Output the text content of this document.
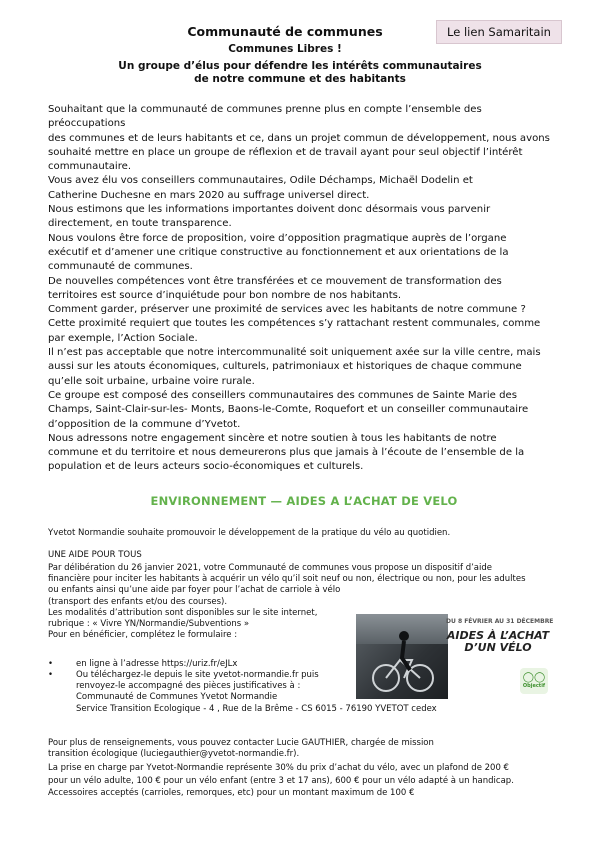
Le lien Samaritain
Communauté de communes
Communes Libres !
Un groupe d’élus pour défendre les intérêts communautaires
de notre commune et des habitants

Souhaitant que la communauté de communes prenne plus en compte l’ensemble des préoccupations

des communes et de leurs habitants et ce, dans un projet commun de développement, nous avons

souhaité mettre en place un groupe de réflexion et de travail ayant pour seul objectif l’intérêt

communautaire.

Vous avez élu vos conseillers communautaires, Odile Déchamps, Michaël Dodelin et

Catherine Duchesne en mars 2020 au suffrage universel direct.

Nous estimons que les informations importantes doivent donc désormais vous parvenir

directement, en toute transparence.

Nous voulons être force de proposition, voire d’opposition pragmatique auprès de l’organe

exécutif et d’amener une critique constructive au fonctionnement et aux orientations de la

communauté de communes.

De nouvelles compétences vont être transférées et ce mouvement de transformation des

territoires est source d’inquiétude pour bon nombre de nos habitants.

Comment garder, préserver une proximité de services avec les habitants de notre commune ?

Cette proximité requiert que toutes les compétences s’y rattachant restent communales, comme

par exemple, l’Action Sociale.

Il n’est pas acceptable que notre intercommunalité soit uniquement axée sur la ville centre, mais

aussi sur les atouts économiques, culturels, patrimoniaux et historiques de chaque commune

qu’elle soit urbaine, urbaine voire rurale.

Ce groupe est composé des conseillers communautaires des communes de Sainte Marie des

Champs, Saint-Clair-sur-les- Monts, Baons-le-Comte, Roquefort et un conseiller communautaire

d’opposition de la commune d’Yvetot.

Nous adressons notre engagement sincère et notre soutien à tous les habitants de notre

commune et du territoire et nous demeurerons plus que jamais à l’écoute de l’ensemble de la

population et de leurs acteurs socio-économiques et culturels.

ENVIRONNEMENT — AIDES A L’ACHAT DE VELO
Yvetot Normandie souhaite promouvoir le développement de la pratique du vélo au quotidien.
UNE AIDE POUR TOUS

Par délibération du 26 janvier 2021, votre Communauté de communes vous propose un dispositif d’aide

financière pour inciter les habitants à acquérir un vélo qu’il soit neuf ou non, électrique ou non, pour les adultes

ou enfants ainsi qu’une aide par foyer pour l’achat de carriole à vélo

(transport des enfants et/ou des courses).

Les modalités d’attribution sont disponibles sur le site internet,

rubrique : « Vivre YN/Normandie/Subventions »

Pour en bénéficier, complétez le formulaire :

•	en ligne à l’adresse https://uriz.fr/eJLx
•	Ou téléchargez-le depuis le site yvetot-normandie.fr puis
renvoyez-le accompagné des pièces justificatives à :
Communauté de Communes Yvetot Normandie
Service Transition Ecologique - 4 , Rue de la Brême - CS 6015 - 76190 YVETOT cedex

Pour plus de renseignements, vous pouvez contacter Lucie GAUTHIER, chargée de mission

transition écologique (luciegauthier@yvetot-normandie.fr).

La prise en charge par Yvetot-Normandie représente 30% du prix d’achat du vélo, avec un plafond de 200 €

pour un vélo adulte, 100 € pour un vélo enfant (entre 3 et 17 ans), 600 € pour un vélo adapté à un handicap.

Accessoires acceptés (carrioles, remorques, etc) pour un montant maximum de 100 €

DU 8 FÉVRIER AU 31 DÉCEMBRE
AIDES À L’ACHAT
D’UN VÉLO
◯◯
Objectif
